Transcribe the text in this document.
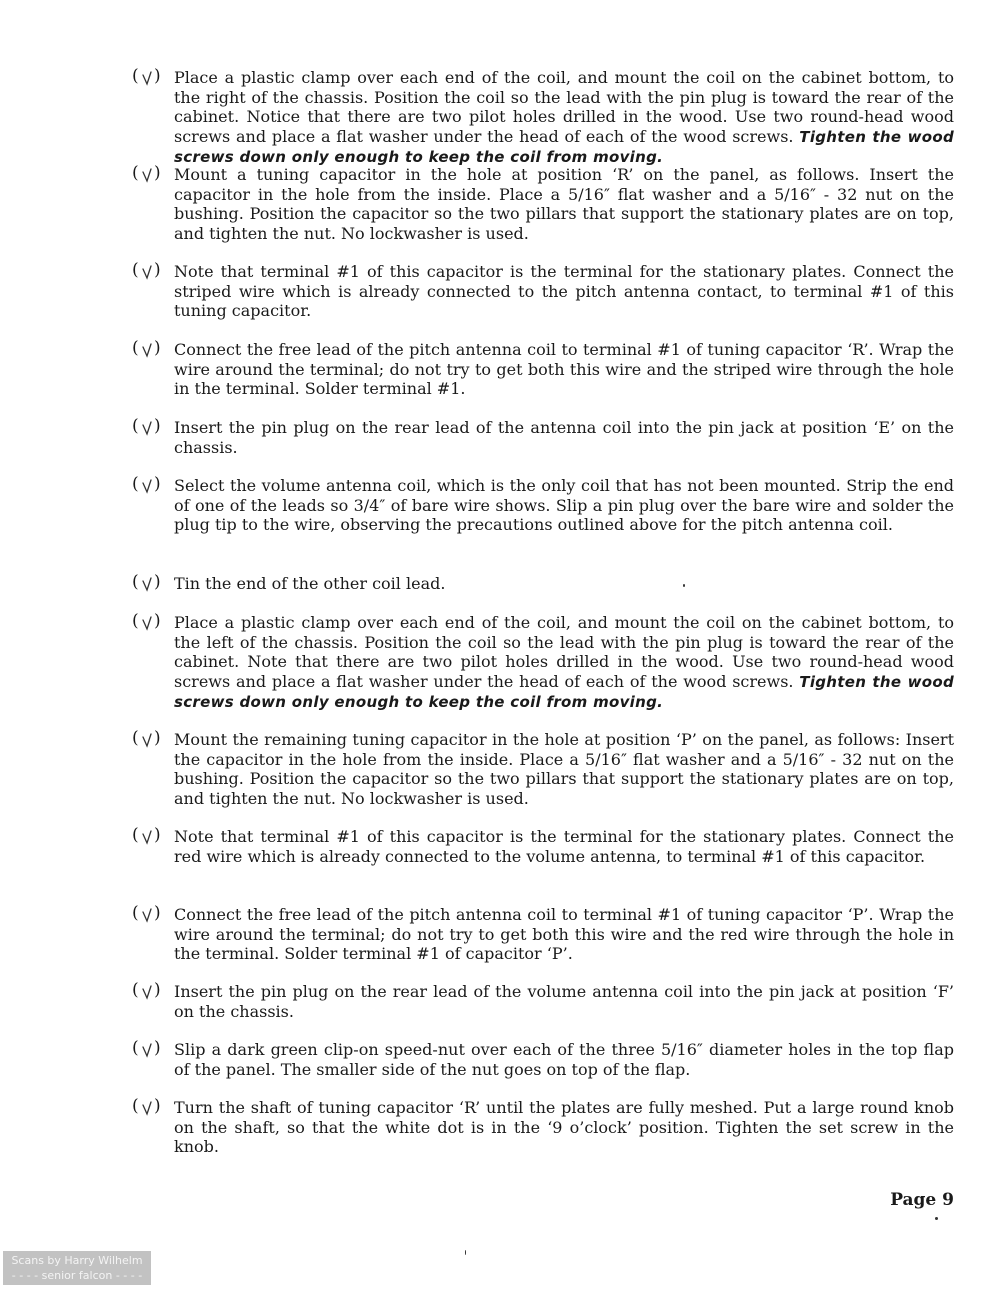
( ) Place a plastic clamp over each end of the coil, and mount the coil on the cabinet bottom, to the right of the chassis. Position the coil so the lead with the pin plug is toward the rear of the cabinet. Notice that there are two pilot holes drilled in the wood. Use two round-head wood screws and place a flat washer under the head of each of the wood screws. Tighten the wood screws down only enough to keep the coil from moving.
( ) Mount a tuning capacitor in the hole at position ‘R’ on the panel, as follows. Insert the capacitor in the hole from the inside. Place a 5/16″ flat washer and a 5/16″ - 32 nut on the bushing. Position the capacitor so the two pillars that support the stationary plates are on top, and tighten the nut. No lockwasher is used.
( ) Note that terminal #1 of this capacitor is the terminal for the stationary plates. Connect the striped wire which is already connected to the pitch antenna contact, to terminal #1 of this tuning capacitor.
( ) Connect the free lead of the pitch antenna coil to terminal #1 of tuning capacitor ‘R’. Wrap the wire around the terminal; do not try to get both this wire and the striped wire through the hole in the terminal. Solder terminal #1.
( ) Insert the pin plug on the rear lead of the antenna coil into the pin jack at position ‘E’ on the chassis.
( ) Select the volume antenna coil, which is the only coil that has not been mounted. Strip the end of one of the leads so 3/4″ of bare wire shows. Slip a pin plug over the bare wire and solder the plug tip to the wire, observing the precautions outlined above for the pitch antenna coil.
( ) Tin the end of the other coil lead.
( ) Place a plastic clamp over each end of the coil, and mount the coil on the cabinet bottom, to the left of the chassis. Position the coil so the lead with the pin plug is toward the rear of the cabinet. Note that there are two pilot holes drilled in the wood. Use two round-head wood screws and place a flat washer under the head of each of the wood screws. Tighten the wood screws down only enough to keep the coil from moving.
( ) Mount the remaining tuning capacitor in the hole at position ‘P’ on the panel, as follows: Insert the capacitor in the hole from the inside. Place a 5/16″ flat washer and a 5/16″ - 32 nut on the bushing. Position the capacitor so the two pillars that support the stationary plates are on top, and tighten the nut. No lockwasher is used.
( ) Note that terminal #1 of this capacitor is the terminal for the stationary plates. Connect the red wire which is already connected to the volume antenna, to terminal #1 of this capacitor.
( ) Connect the free lead of the pitch antenna coil to terminal #1 of tuning capacitor ‘P’. Wrap the wire around the terminal; do not try to get both this wire and the red wire through the hole in the terminal. Solder terminal #1 of capacitor ‘P’.
( ) Insert the pin plug on the rear lead of the volume antenna coil into the pin jack at position ‘F’ on the chassis.
( ) Slip a dark green clip-on speed-nut over each of the three 5/16″ diameter holes in the top flap of the panel. The smaller side of the nut goes on top of the flap.
( ) Turn the shaft of tuning capacitor ‘R’ until the plates are fully meshed. Put a large round knob on the shaft, so that the white dot is in the ‘9 o’clock’ position. Tighten the set screw in the knob.
Page 9
Scans by Harry Wilhelm
- - - - senior falcon - - - -
